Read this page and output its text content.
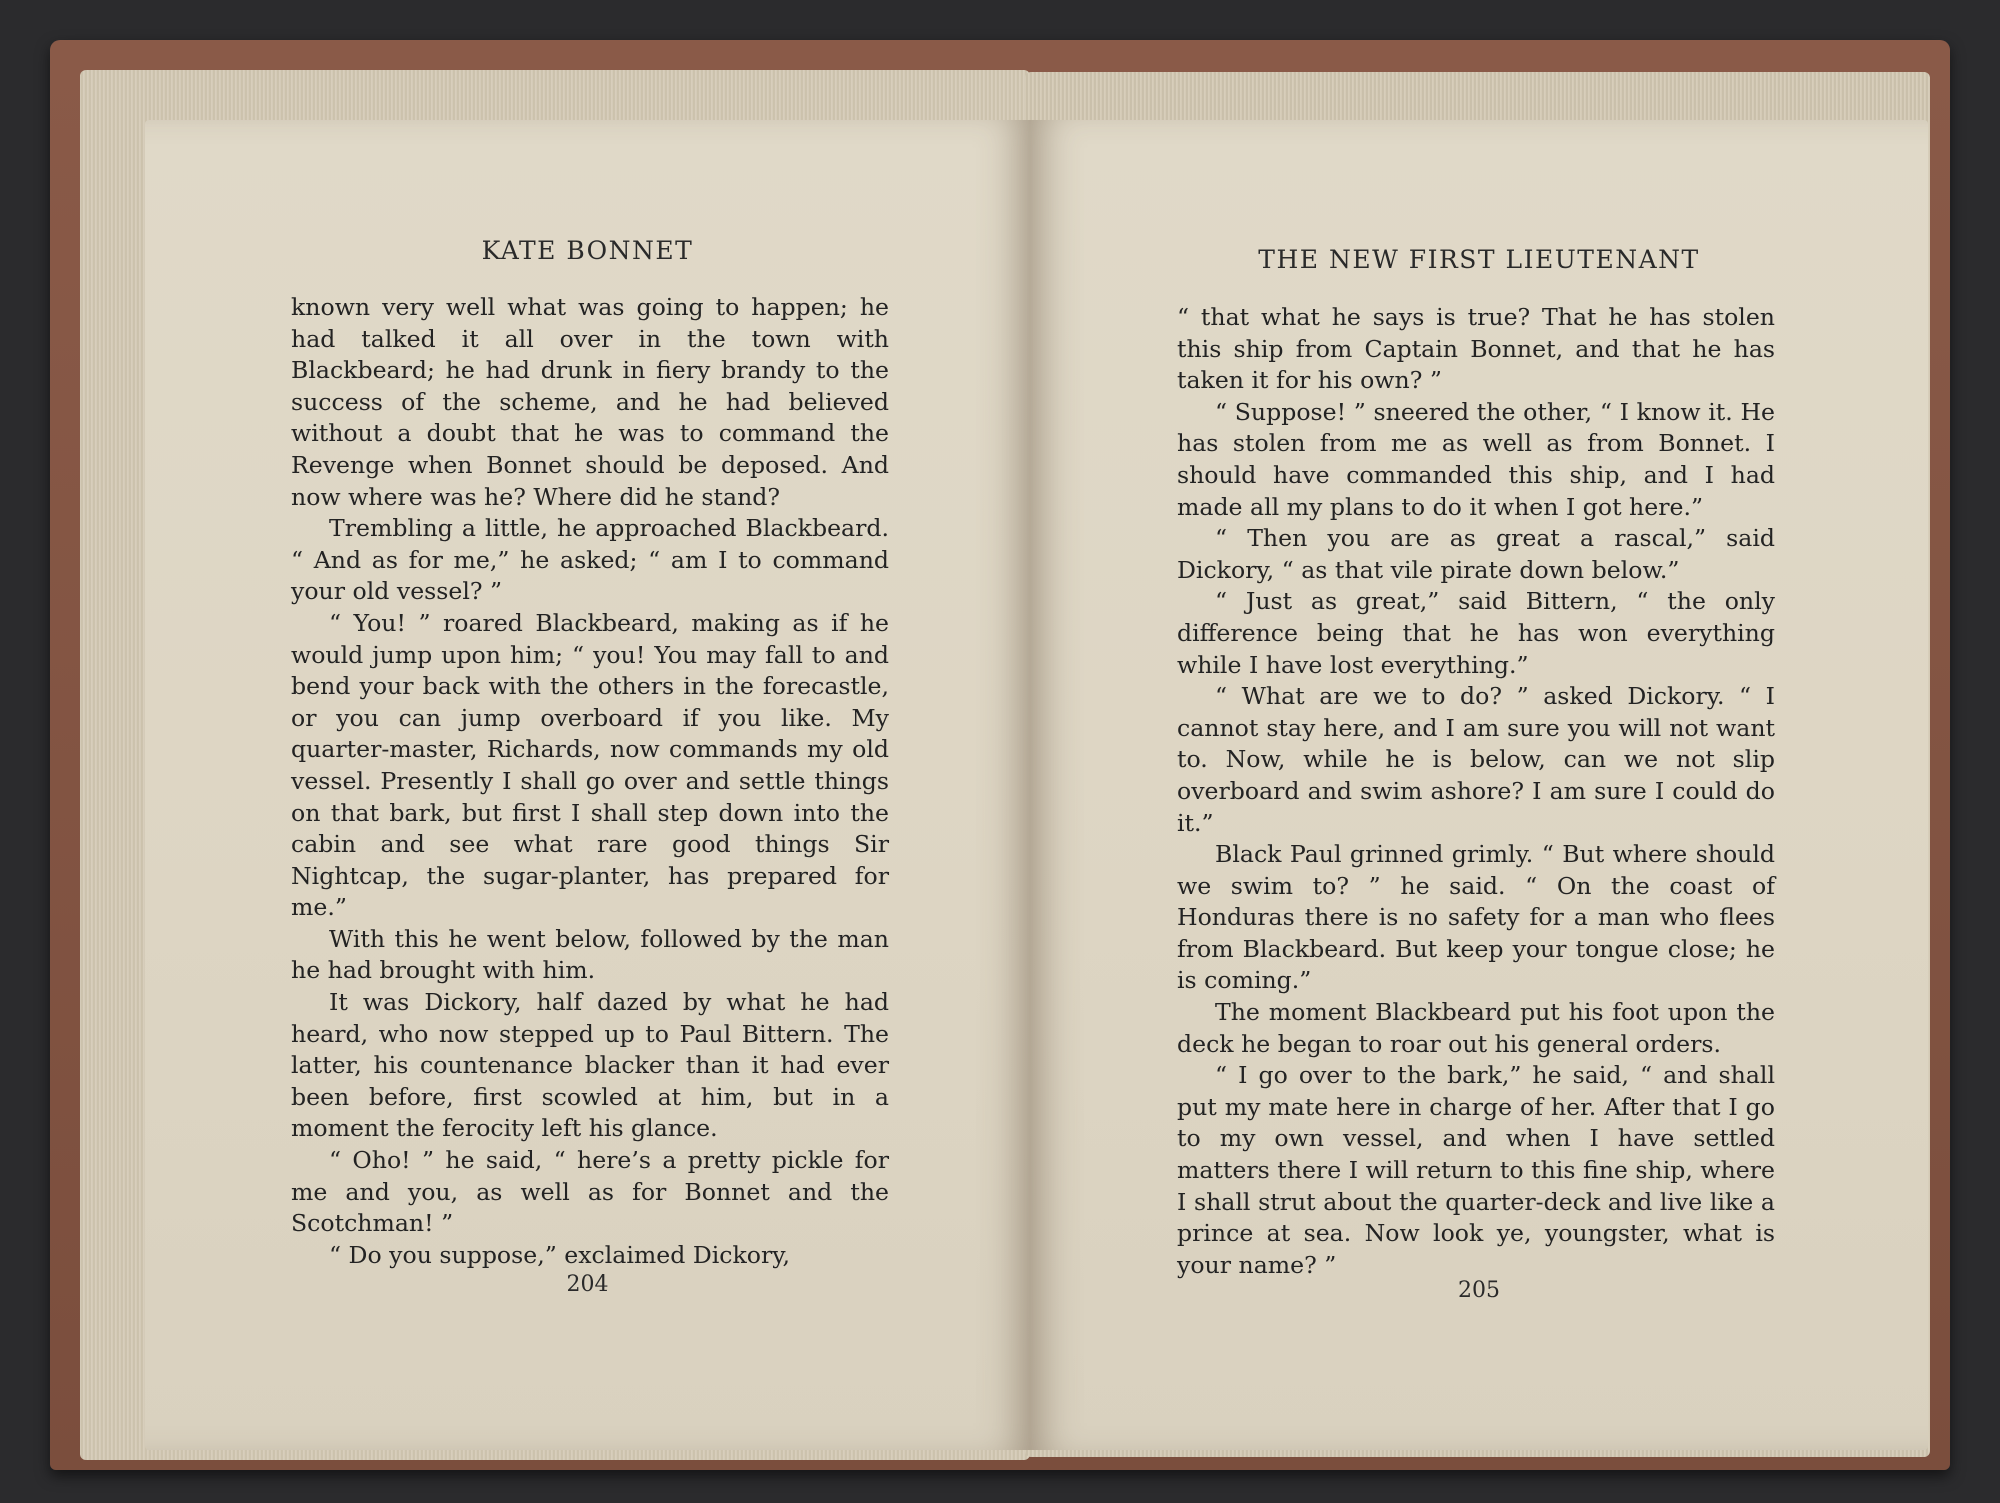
KATE BONNET

known very well what was going to happen; he had talked it all over in the town with Blackbeard; he had drunk in fiery brandy to the success of the scheme, and he had believed without a doubt that he was to command the Revenge when Bonnet should be deposed. And now where was he? Where did he stand?

Trembling a little, he approached Blackbeard. “ And as for me,” he asked; “ am I to command your old vessel? ”

“ You! ” roared Blackbeard, making as if he would jump upon him; “ you! You may fall to and bend your back with the others in the forecastle, or you can jump overboard if you like. My quarter-master, Richards, now commands my old vessel. Presently I shall go over and settle things on that bark, but first I shall step down into the cabin and see what rare good things Sir Nightcap, the sugar-planter, has prepared for me.”

With this he went below, followed by the man he had brought with him.

It was Dickory, half dazed by what he had heard, who now stepped up to Paul Bittern. The latter, his countenance blacker than it had ever been before, first scowled at him, but in a moment the ferocity left his glance.

“ Oho! ” he said, “ here’s a pretty pickle for me and you, as well as for Bonnet and the Scotchman! ”

“ Do you suppose,” exclaimed Dickory,

204
THE NEW FIRST LIEUTENANT

“ that what he says is true? That he has stolen this ship from Captain Bonnet, and that he has taken it for his own? ”

“ Suppose! ” sneered the other, “ I know it. He has stolen from me as well as from Bonnet. I should have commanded this ship, and I had made all my plans to do it when I got here.”

“ Then you are as great a rascal,” said Dickory, “ as that vile pirate down below.”

“ Just as great,” said Bittern, “ the only difference being that he has won everything while I have lost everything.”

“ What are we to do? ” asked Dickory. “ I cannot stay here, and I am sure you will not want to. Now, while he is below, can we not slip overboard and swim ashore? I am sure I could do it.”

Black Paul grinned grimly. “ But where should we swim to? ” he said. “ On the coast of Honduras there is no safety for a man who flees from Blackbeard. But keep your tongue close; he is coming.”

The moment Blackbeard put his foot upon the deck he began to roar out his general orders.

“ I go over to the bark,” he said, “ and shall put my mate here in charge of her. After that I go to my own vessel, and when I have settled matters there I will return to this fine ship, where I shall strut about the quarter-deck and live like a prince at sea. Now look ye, youngster, what is your name? ”

205
